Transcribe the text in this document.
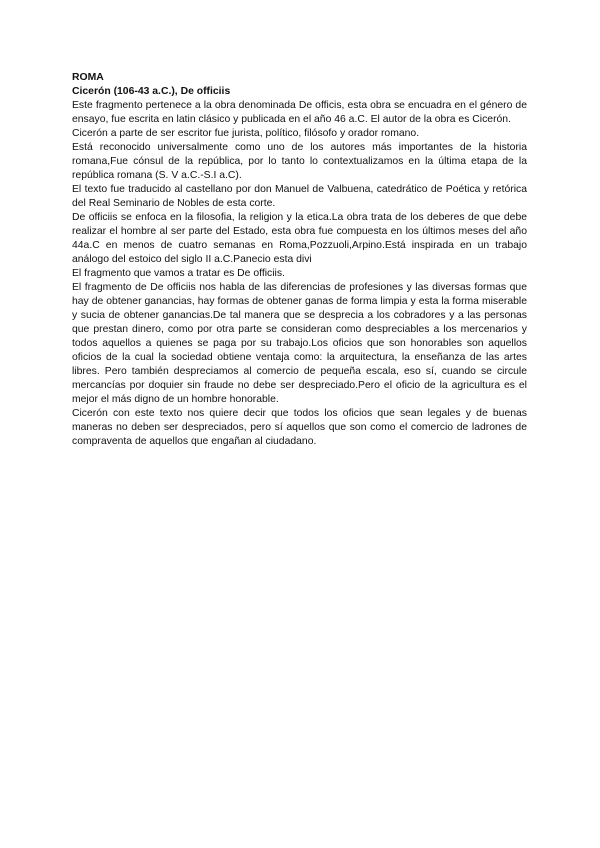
ROMA

Cicerón (106-43 a.C.), De officiis

Este fragmento pertenece a la obra denominada De officis, esta obra se encuadra en el género de ensayo, fue escrita en latin clásico y publicada en el año 46 a.C. El autor de la obra es Cicerón.

Cicerón a parte de ser escritor fue jurista, político, filósofo y orador romano.

Está reconocido universalmente como uno de los autores más importantes de la historia romana,Fue cónsul de la república, por lo tanto lo contextualizamos en la última etapa de la república romana (S. V a.C.-S.I a.C).

El texto fue traducido al castellano por don Manuel de Valbuena, catedrático de Poética y retórica del Real Seminario de Nobles de esta corte.

De officiis se enfoca en la filosofia, la religion y la etica.La obra trata de los deberes de que debe realizar el hombre al ser parte del Estado, esta obra fue compuesta en los últimos meses del año 44a.C en menos de cuatro semanas en Roma,Pozzuoli,Arpino.Está inspirada en un trabajo análogo del estoico del siglo II a.C.Panecio esta divi

El fragmento que vamos a tratar es De officiis.

El fragmento de De officiis nos habla de las diferencias de profesiones y las diversas formas que hay de obtener ganancias, hay formas de obtener ganas de forma limpia y esta la forma miserable y sucia de obtener ganancias.De tal manera que se desprecia a los cobradores y a las personas que prestan dinero, como por otra parte se consideran como despreciables a los mercenarios y todos aquellos a quienes se paga por su trabajo.Los oficios que son honorables son aquellos oficios de la cual la sociedad obtiene ventaja como: la arquitectura, la enseñanza de las artes libres. Pero también despreciamos al comercio de pequeña escala, eso sí, cuando se circule mercancías por doquier sin fraude no debe ser despreciado.Pero el oficio de la agricultura es el mejor el más digno de un hombre honorable.

Cicerón con este texto nos quiere decir que todos los oficios que sean legales y de buenas maneras no deben ser despreciados, pero sí aquellos que son como el comercio de ladrones de compraventa de aquellos que engañan al ciudadano.
